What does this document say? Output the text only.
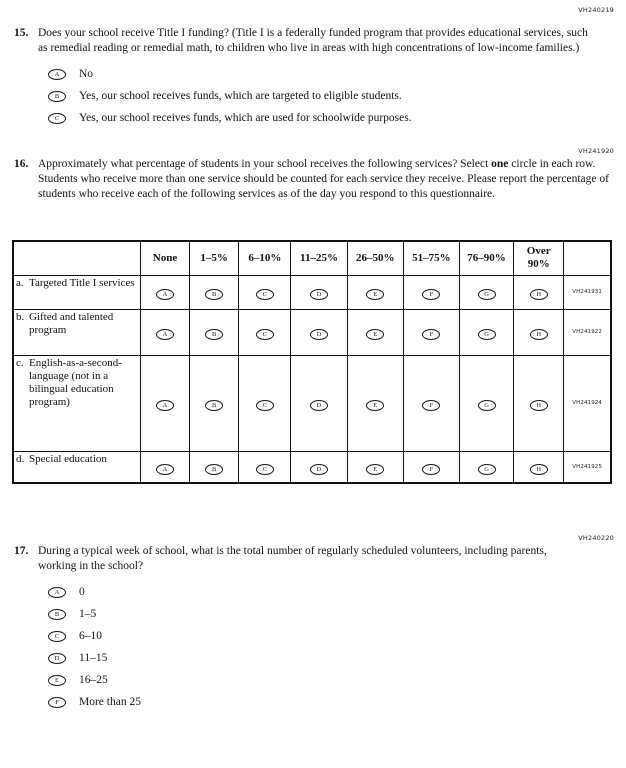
VH240219
15. Does your school receive Title I funding? (Title I is a federally funded program that provides educational services, such as remedial reading or remedial math, to children who live in areas with high concentrations of low-income families.)
A	No
B	Yes, our school receives funds, which are targeted to eligible students.
C	Yes, our school receives funds, which are used for schoolwide purposes.
VH241920
16. Approximately what percentage of students in your school receives the following services? Select one circle in each row. Students who receive more than one service should be counted for each service they receive. Please report the percentage of students who receive each of the following services as of the day you respond to this questionnaire.
	None	1–5%	6–10%	11–25%	26–50%	51–75%	76–90%	Over 90%	

a. Targeted Title I services	A	B	C	D	E	F	G	H	VH241931

b. Gifted and talented program	A	B	C	D	E	F	G	H	VH241922

c. English-as-a-second-language (not in a bilingual education program)	A	B	C	D	E	F	G	H	VH241924

d. Special education	A	B	C	D	E	F	G	H	VH241925
VH240220
17. During a typical week of school, what is the total number of regularly scheduled volunteers, including parents, working in the school?
A	0
B	1–5
C	6–10
D	11–15
E	16–25
F	More than 25
